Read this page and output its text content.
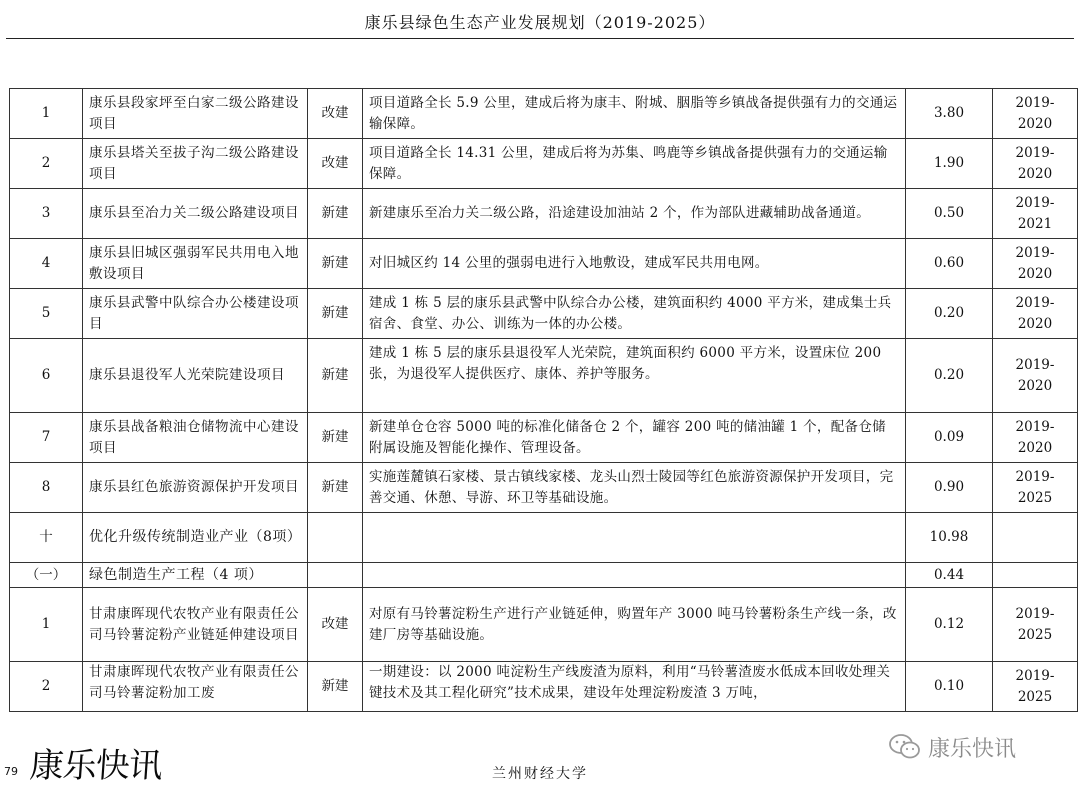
康乐县绿色生态产业发展规划（2019-2025）
1	康乐县段家坪至白家二级公路建设项目	改建	项目道路全长 5.9 公里，建成后将为康丰、附城、胭脂等乡镇战备提供强有力的交通运输保障。	3.80	2019-2020
2	康乐县塔关至拔子沟二级公路建设项目	改建	项目道路全长 14.31 公里，建成后将为苏集、鸣鹿等乡镇战备提供强有力的交通运输保障。	1.90	2019-2020
3	康乐县至冶力关二级公路建设项目	新建	新建康乐至冶力关二级公路，沿途建设加油站 2 个，作为部队进藏辅助战备通道。	0.50	2019-2021
4	康乐县旧城区强弱军民共用电入地敷设项目	新建	对旧城区约 14 公里的强弱电进行入地敷设，建成军民共用电网。	0.60	2019-2020
5	康乐县武警中队综合办公楼建设项目	新建	建成 1 栋 5 层的康乐县武警中队综合办公楼，建筑面积约 4000 平方米，建成集士兵宿舍、食堂、办公、训练为一体的办公楼。	0.20	2019-2020
6	康乐县退役军人光荣院建设项目	新建	建成 1 栋 5 层的康乐县退役军人光荣院，建筑面积约 6000 平方米，设置床位 200 张，为退役军人提供医疗、康体、养护等服务。	0.20	2019-2020
7	康乐县战备粮油仓储物流中心建设项目	新建	新建单仓仓容 5000 吨的标准化储备仓 2 个，罐容 200 吨的储油罐 1 个，配备仓储附属设施及智能化操作、管理设备。	0.09	2019-2020
8	康乐县红色旅游资源保护开发项目	新建	实施莲麓镇石家楼、景古镇线家楼、龙头山烈士陵园等红色旅游资源保护开发项目，完善交通、休憩、导游、环卫等基础设施。	0.90	2019-2025
十	优化升级传统制造业产业（8项）			10.98	
（一）	绿色制造生产工程（4 项）			0.44	
1	甘肃康晖现代农牧产业有限责任公司马铃薯淀粉产业链延伸建设项目	改建	对原有马铃薯淀粉生产进行产业链延伸，购置年产 3000 吨马铃薯粉条生产线一条，改建厂房等基础设施。	0.12	2019-2025
2	甘肃康晖现代农牧产业有限责任公司马铃薯淀粉加工废	新建	一期建设：以 2000 吨淀粉生产线废渣为原料，利用“马铃薯渣废水低成本回收处理关键技术及其工程化研究”技术成果，建设年处理淀粉废渣 3 万吨，	0.10	2019-2025
79 康乐快讯	兰州财经大学
康乐快讯
